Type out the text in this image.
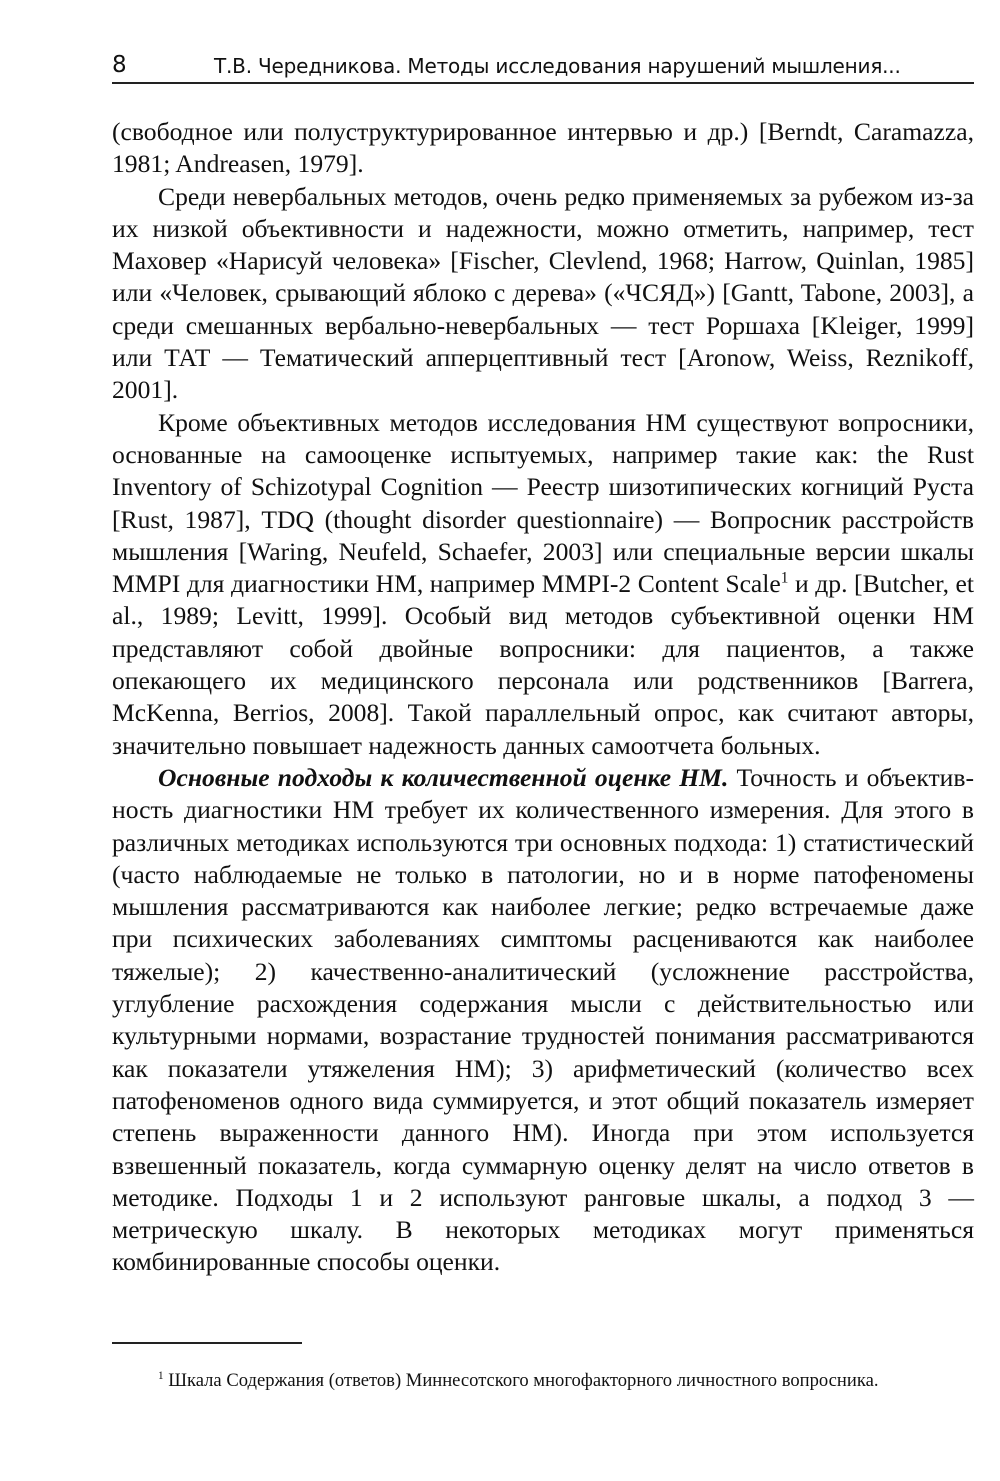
8	Т.В. Чередникова. Методы исследования нарушений мышления...

(свободное или полуструктурированное интервью и др.) [Berndt, Caramazza, 1981; Andreasen, 1979].

Среди невербальных методов, очень редко применяемых за рубежом из-за их низкой объективности и надежности, можно отметить, например, тест Маховер «Нарисуй человека» [Fischer, Clevlend, 1968; Harrow, Quinlan, 1985] или «Человек, срывающий яблоко с дерева» («ЧСЯД») [Gantt, Tabone, 2003], а среди смешанных вербально-невербальных — тест Роршаха [Kleiger, 1999] или ТАТ — Тематический апперцептивный тест [Aronow, Weiss, Reznikoff, 2001].

Кроме объективных методов исследования НМ существуют вопросники, основанные на самооценке испытуемых, например такие как: the Rust Inventory of Schizotypal Cognition — Реестр шизотипических когниций Руста [Rust, 1987], TDQ (thought disorder questionnaire) — Вопросник расстройств мышления [Waring, Neufeld, Schaefer, 2003] или специальные версии шкалы MMPI для диагностики НМ, например MMPI-2 Content Scale$^1$ и др. [Butcher, et al., 1989; Levitt, 1999]. Особый вид методов субъективной оценки НМ представляют собой двойные вопросники: для пациентов, а также опекающего их медицинского персонала или родственников [Barrera, McKenna, Berrios, 2008]. Такой параллельный опрос, как считают авторы, значительно повышает надежность данных самоотчета больных.

Основные подходы к количественной оценке НМ. Точность и объективность диагностики НМ требует их количественного измерения. Для этого в различных методиках используются три основных подхода: 1) статистический (часто наблюдаемые не только в патологии, но и в норме патофеномены мышления рассматриваются как наиболее легкие; редко встречаемые даже при психических заболеваниях симптомы расцениваются как наиболее тяжелые); 2) качественно-аналитический (усложнение расстройства, углубление расхождения содержания мысли с действительностью или культурными нормами, возрастание трудностей понимания рассматриваются как показатели утяжеления НМ); 3) арифметический (количество всех патофеноменов одного вида суммируется, и этот общий показатель измеряет степень выраженности данного НМ). Иногда при этом используется взвешенный показатель, когда суммарную оценку делят на число ответов в методике. Подходы 1 и 2 используют ранговые шкалы, а подход 3 — метрическую шкалу. В некоторых методиках могут применяться комбинированные способы оценки.

$^1$ Шкала Содержания (ответов) Миннесотского многофакторного личностного вопросника.
